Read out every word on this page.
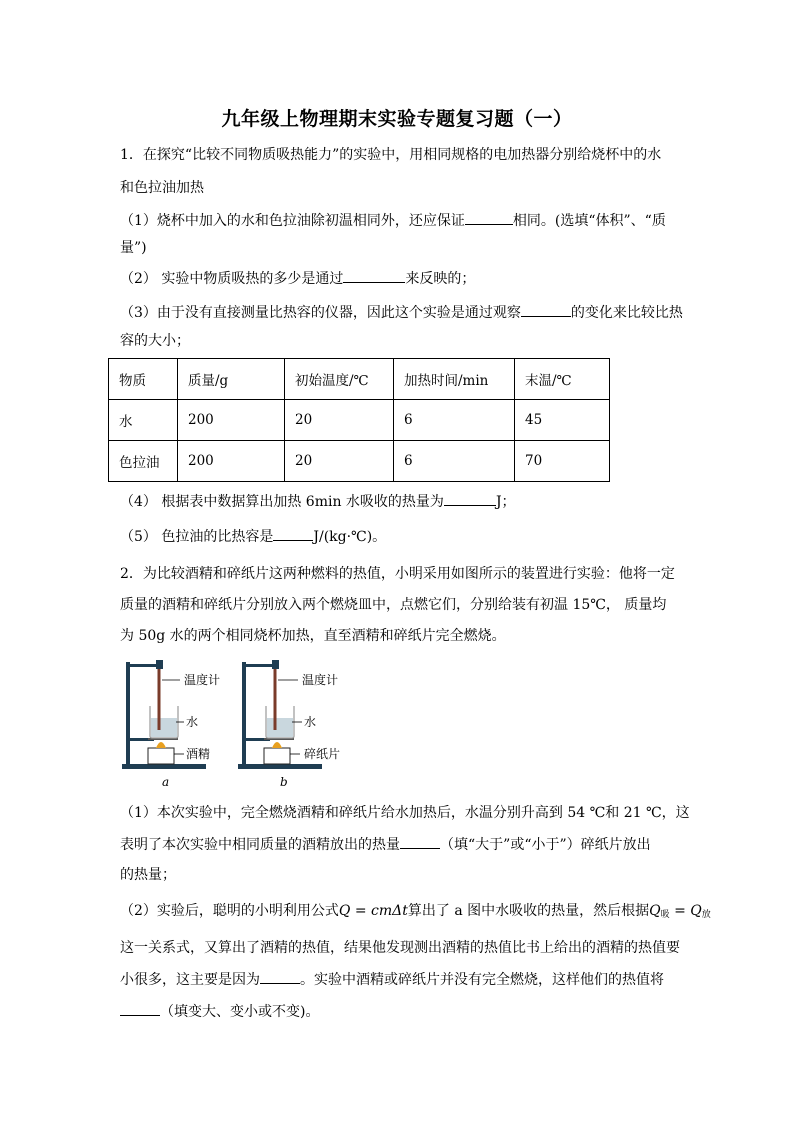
九年级上物理期末实验专题复习题（一）
1．在探究“比较不同物质吸热能力”的实验中，用相同规格的电加热器分别给烧杯中的水
和色拉油加热
（1）烧杯中加入的水和色拉油除初温相同外，还应保证	相同。(选填“体积”、“质
量”)
（2） 实验中物质吸热的多少是通过	来反映的；
（3）由于没有直接测量比热容的仪器，因此这个实验是通过观察	的变化来比较比热
容的大小；
物质	质量/g	初始温度/℃	加热时间/min	末温/℃
水	200	20	6	45
色拉油	200	20	6	70
（4） 根据表中数据算出加热 6min 水吸收的热量为	J；
（5） 色拉油的比热容是	J/(kg·℃)。
2．为比较酒精和碎纸片这两种燃料的热值，小明采用如图所示的装置进行实验：他将一定
质量的酒精和碎纸片分别放入两个燃烧皿中，点燃它们，分别给装有初温 15℃， 质量均
为 50g 水的两个相同烧杯加热，直至酒精和碎纸片完全燃烧。
温度计
水
酒精
a
温度计
水
碎纸片
b
（1）本次实验中，完全燃烧酒精和碎纸片给水加热后，水温分别升高到 54 ℃和 21 ℃，这
表明了本次实验中相同质量的酒精放出的热量	（填“大于”或“小于”）碎纸片放出
的热量；
（2）实验后，聪明的小明利用公式Q = cmΔt算出了 a 图中水吸收的热量，然后根据$Q_吸 = Q_放$
这一关系式，又算出了酒精的热值，结果他发现测出酒精的热值比书上给出的酒精的热值要
小很多，这主要是因为	。实验中酒精或碎纸片并没有完全燃烧，这样他们的热值将
（填变大、变小或不变)。
